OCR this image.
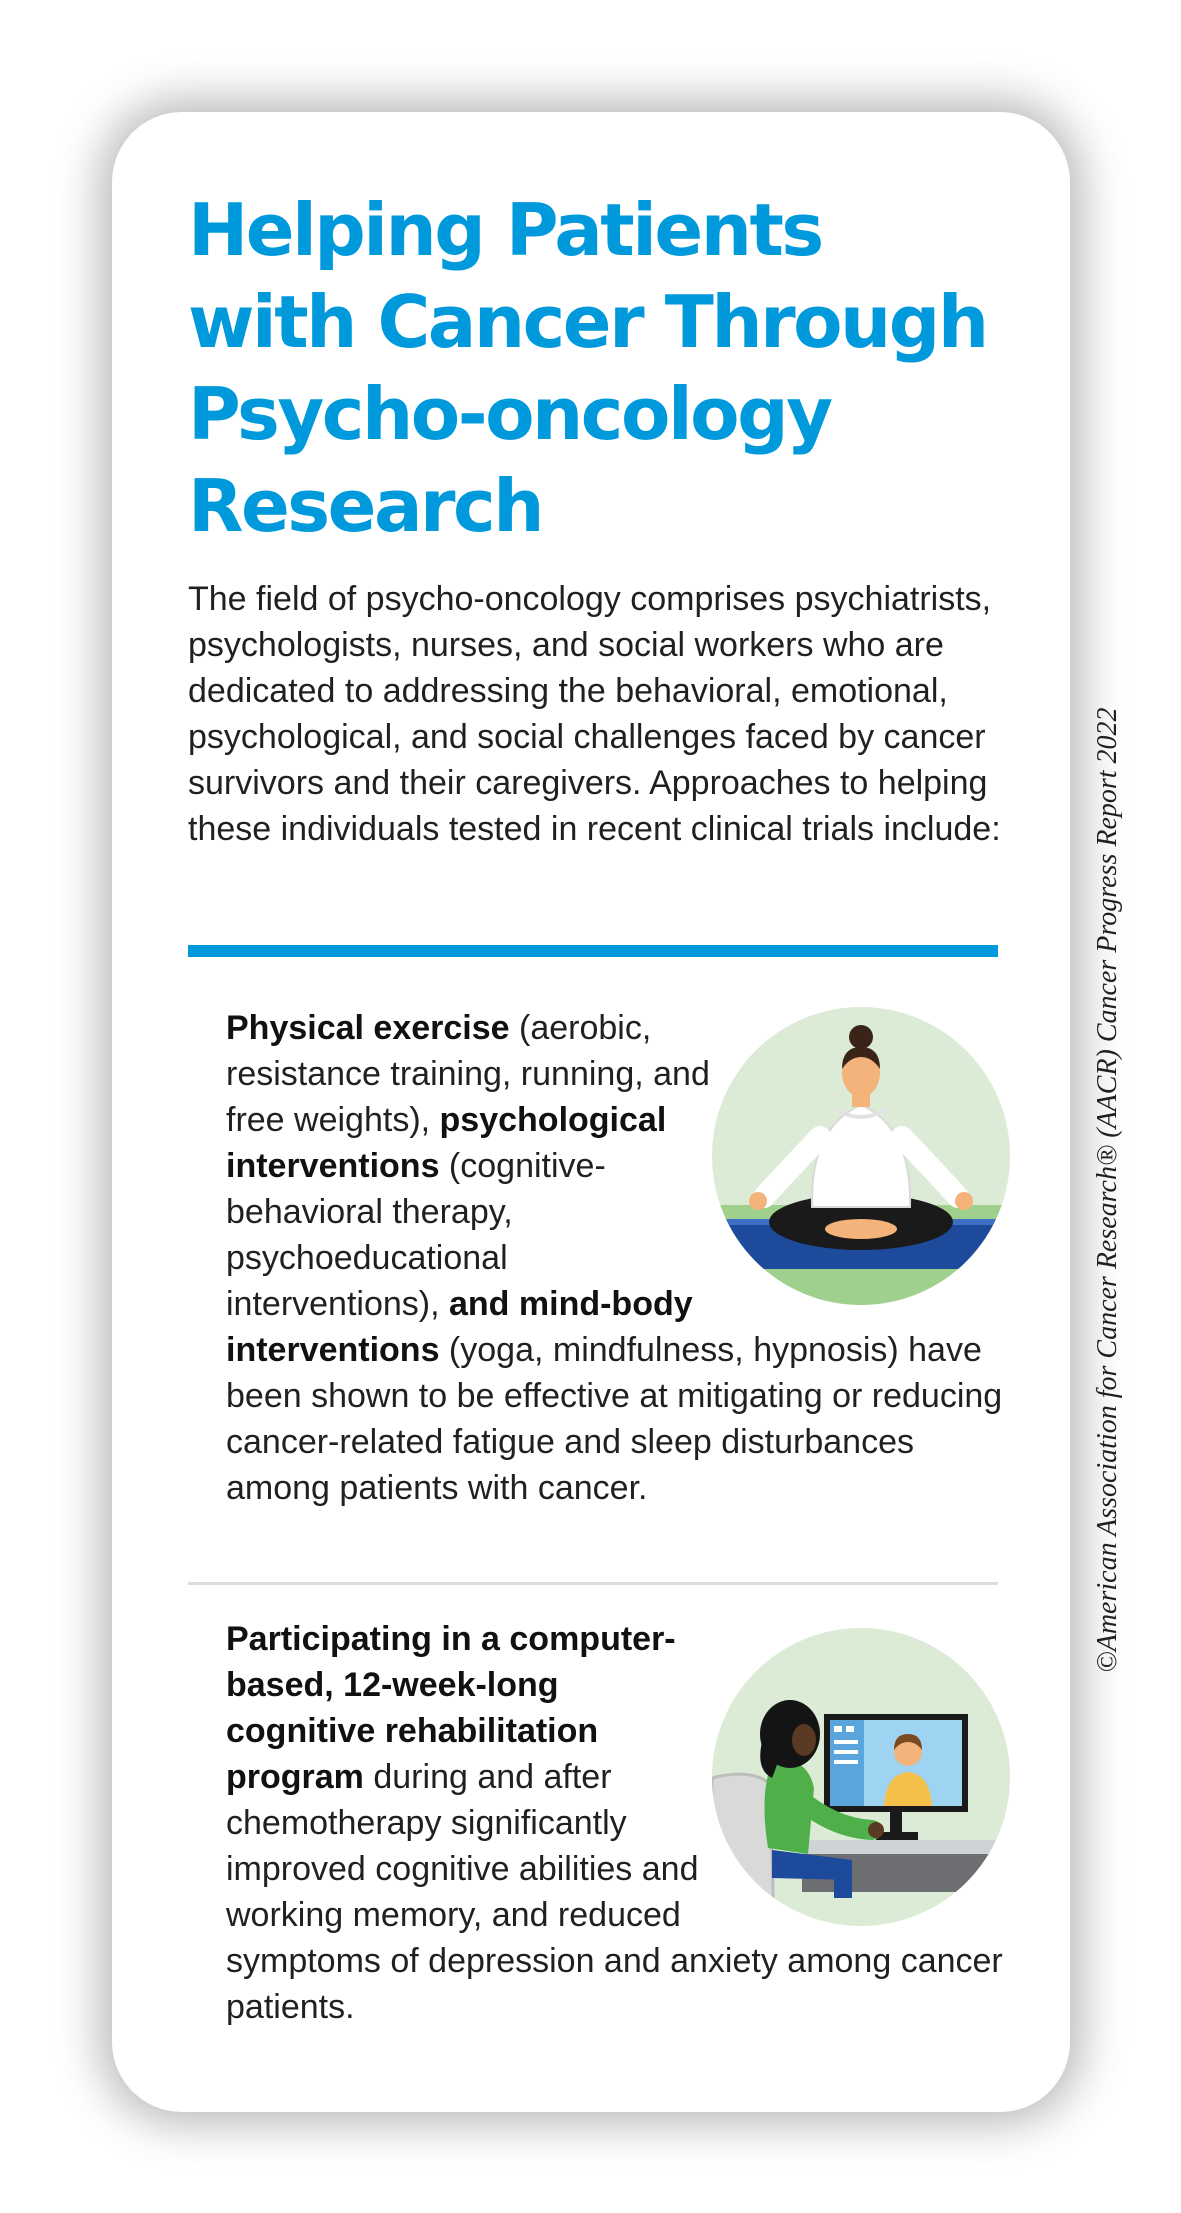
Helping Patients with Cancer Through Psycho-oncology Research

The field of psycho-oncology comprises psychiatrists, psychologists, nurses, and social workers who are dedicated to addressing the behavioral, emotional, psychological, and social challenges faced by cancer survivors and their caregivers. Approaches to helping these individuals tested in recent clinical trials include:

Physical exercise (aerobic, resistance training, running, and free weights), psychological interventions (cognitive-behavioral therapy, psychoeducational interventions), and mind-body interventions (yoga, mindfulness, hypnosis) have been shown to be effective at mitigating or reducing cancer-related fatigue and sleep disturbances among patients with cancer.
Participating in a computer-based, 12-week-long cognitive rehabilitation program during and after chemotherapy significantly improved cognitive abilities and working memory, and reduced symptoms of depression and anxiety among cancer patients.
©American Association for Cancer Research® (AACR) Cancer Progress Report 2022
